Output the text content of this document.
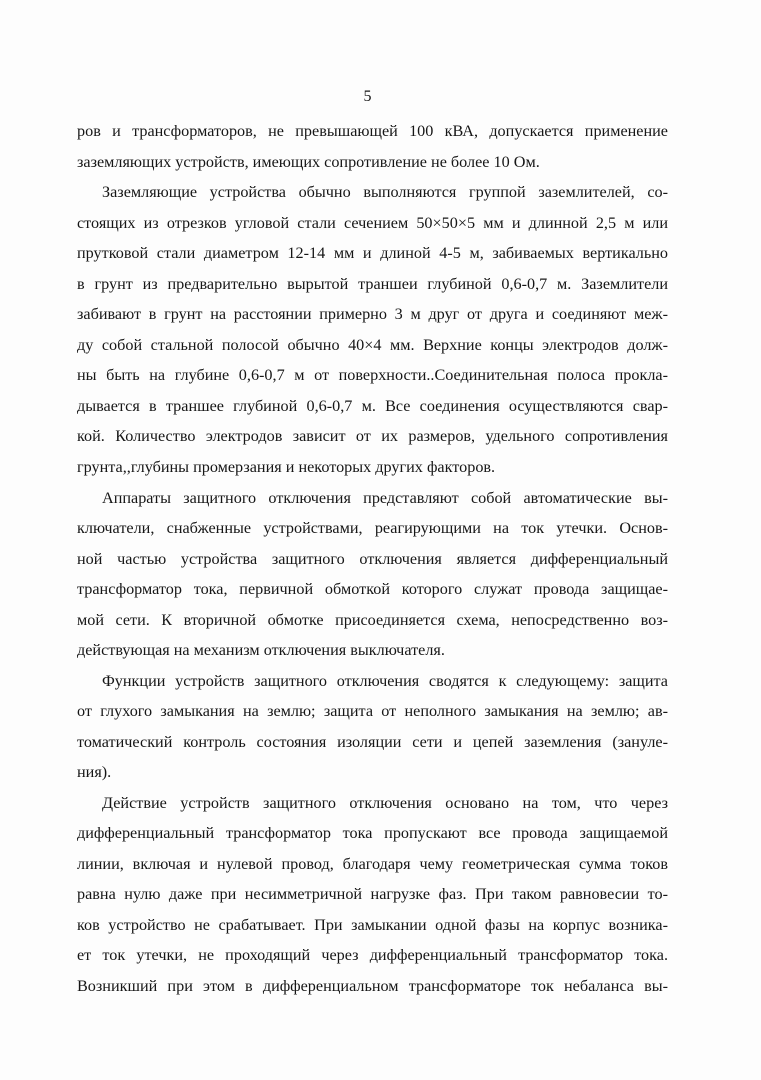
5
ров и трансформаторов, не превышающей 100 кВА, допускается применение
заземляющих устройств, имеющих сопротивление не более 10 Ом.
Заземляющие устройства обычно выполняются группой заземлителей, со-
стоящих из отрезков угловой стали сечением 50×50×5 мм и длинной 2,5 м или
прутковой стали диаметром 12-14 мм и длиной 4-5 м, забиваемых вертикально
в грунт из предварительно вырытой траншеи глубиной 0,6-0,7 м. Заземлители
забивают в грунт на расстоянии примерно 3 м друг от друга и соединяют меж-
ду собой стальной полосой обычно 40×4 мм. Верхние концы электродов долж-
ны быть на глубине 0,6-0,7 м от поверхности..Соединительная полоса прокла-
дывается в траншее глубиной 0,6-0,7 м. Все соединения осуществляются свар-
кой. Количество электродов зависит от их размеров, удельного сопротивления
грунта,,глубины промерзания и некоторых других факторов.
Аппараты защитного отключения представляют собой автоматические вы-
ключатели, снабженные устройствами, реагирующими на ток утечки. Основ-
ной частью устройства защитного отключения является дифференциальный
трансформатор тока, первичной обмоткой которого служат провода защищае-
мой сети. К вторичной обмотке присоединяется схема, непосредственно воз-
действующая на механизм отключения выключателя.
Функции устройств защитного отключения сводятся к следующему: защита
от глухого замыкания на землю; защита от неполного замыкания на землю; ав-
томатический контроль состояния изоляции сети и цепей заземления (зануле-
ния).
Действие устройств защитного отключения основано на том, что через
дифференциальный трансформатор тока пропускают все провода защищаемой
линии, включая и нулевой провод, благодаря чему геометрическая сумма токов
равна нулю даже при несимметричной нагрузке фаз. При таком равновесии то-
ков устройство не срабатывает. При замыкании одной фазы на корпус возника-
ет ток утечки, не проходящий через дифференциальный трансформатор тока.
Возникший при этом в дифференциальном трансформаторе ток небаланса вы-
